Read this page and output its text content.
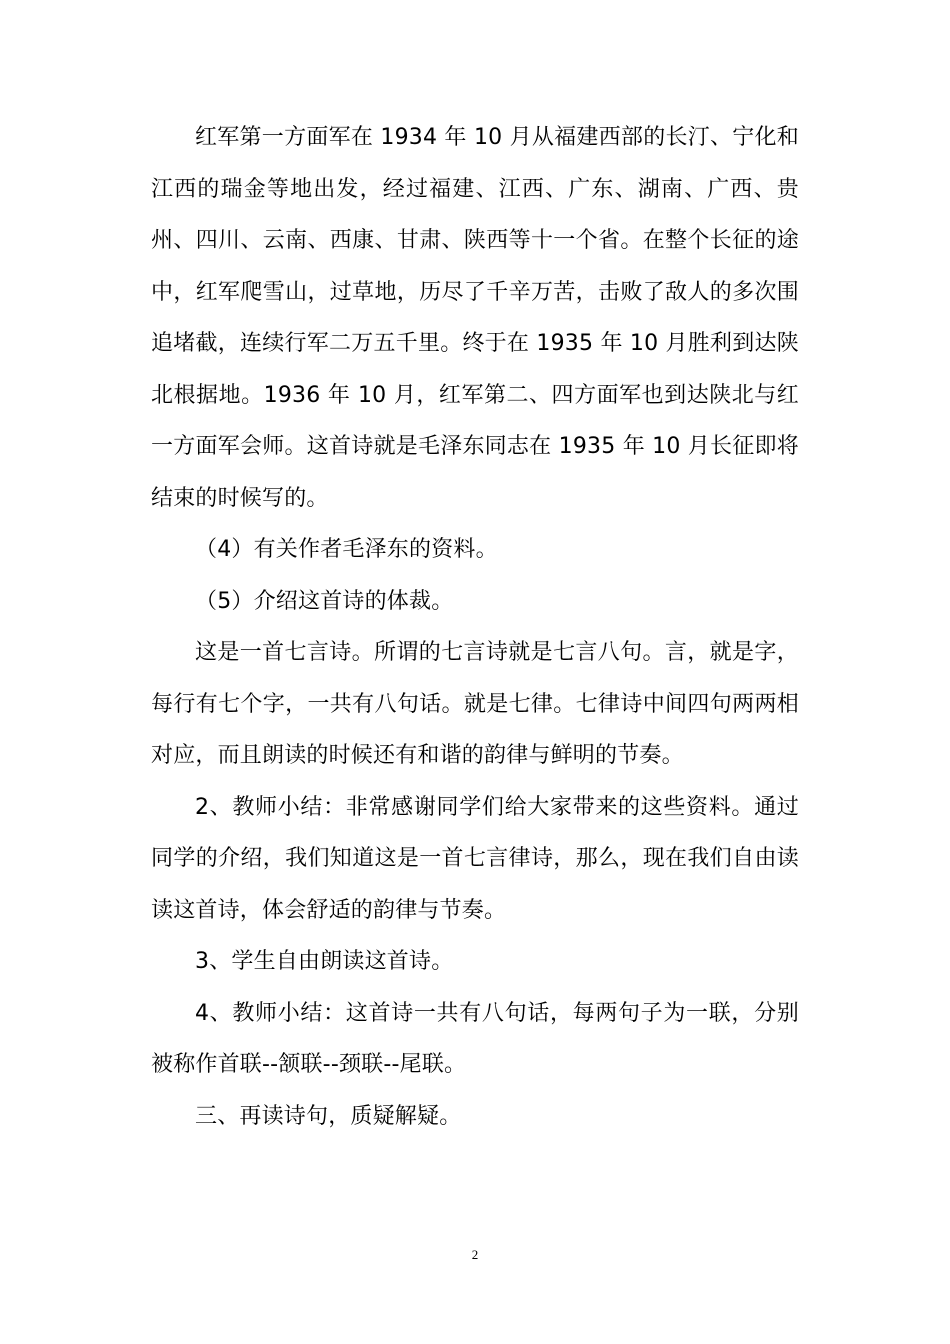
红军第一方面军在 1934 年 10 月从福建西部的长汀、宁化和江西的瑞金等地出发，经过福建、江西、广东、湖南、广西、贵州、四川、云南、西康、甘肃、陕西等十一个省。在整个长征的途中，红军爬雪山，过草地，历尽了千辛万苦，击败了敌人的多次围追堵截，连续行军二万五千里。终于在 1935 年 10 月胜利到达陕北根据地。1936 年 10 月，红军第二、四方面军也到达陕北与红一方面军会师。这首诗就是毛泽东同志在 1935 年 10 月长征即将结束的时候写的。

（4）有关作者毛泽东的资料。

（5）介绍这首诗的体裁。

这是一首七言诗。所谓的七言诗就是七言八句。言，就是字，每行有七个字，一共有八句话。就是七律。七律诗中间四句两两相对应，而且朗读的时候还有和谐的韵律与鲜明的节奏。

2、教师小结：非常感谢同学们给大家带来的这些资料。通过同学的介绍，我们知道这是一首七言律诗，那么，现在我们自由读读这首诗，体会舒适的韵律与节奏。

3、学生自由朗读这首诗。

4、教师小结：这首诗一共有八句话，每两句子为一联，分别被称作首联--颔联--颈联--尾联。

三、再读诗句，质疑解疑。

2
